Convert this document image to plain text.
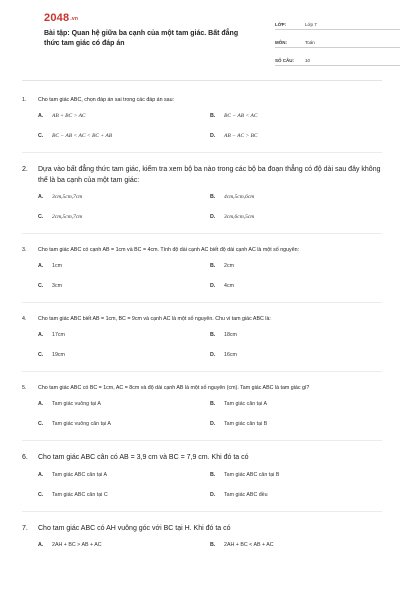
2048.vn
Bài tập: Quan hệ giữa ba cạnh của một tam giác. Bất đẳng thức tam giác có đáp án
LỚP:	Lớp 7
MÔN:	Toán
SỐ CÂU:	10
1.	Cho tam giác ABC, chọn đáp án sai trong các đáp án sau:
A.	AB + BC > AC	B.	BC − AB < AC
C.	BC − AB < AC < BC + AB	D.	AB − AC > BC
2.	Dựa vào bất đẳng thức tam giác, kiểm tra xem bộ ba nào trong các bộ ba đoạn thẳng có độ dài sau đây không thể là ba cạnh của một tam giác:
A.	3cm,5cm,7cm	B.	4cm,5cm,6cm
C.	2cm,5cm,7cm	D.	3cm,6cm,5cm
3.	Cho tam giác ABC có cạnh AB = 1cm và BC = 4cm. Tính độ dài cạnh AC biết độ dài cạnh AC là một số nguyên:
A.	1cm	B.	2cm
C.	3cm	D.	4cm
4.	Cho tam giác ABC biết AB = 1cm, BC = 9cm và cạnh AC là một số nguyên. Chu vi tam giác ABC là:
A.	17cm	B.	18cm
C.	19cm	D.	16cm
5.	Cho tam giác ABC có BC = 1cm, AC = 8cm và độ dài cạnh AB là một số nguyên (cm). Tam giác ABC là tam giác gì?
A.	Tam giác vuông tại A	B.	Tam giác cân tại A
C.	Tam giác vuông cân tại A	D.	Tam giác cân tại B
6.	Cho tam giác ABC cân có AB = 3,9 cm và BC = 7,9 cm. Khi đó ta có
A.	Tam giác ABC cân tại A	B.	Tam giác ABC cân tại B
C.	Tam giác ABC cân tại C	D.	Tam giác ABC đều
7.	Cho tam giác ABC có AH vuông góc với BC tại H. Khi đó ta có
A.	2AH + BC > AB + AC	B.	2AH + BC < AB + AC
